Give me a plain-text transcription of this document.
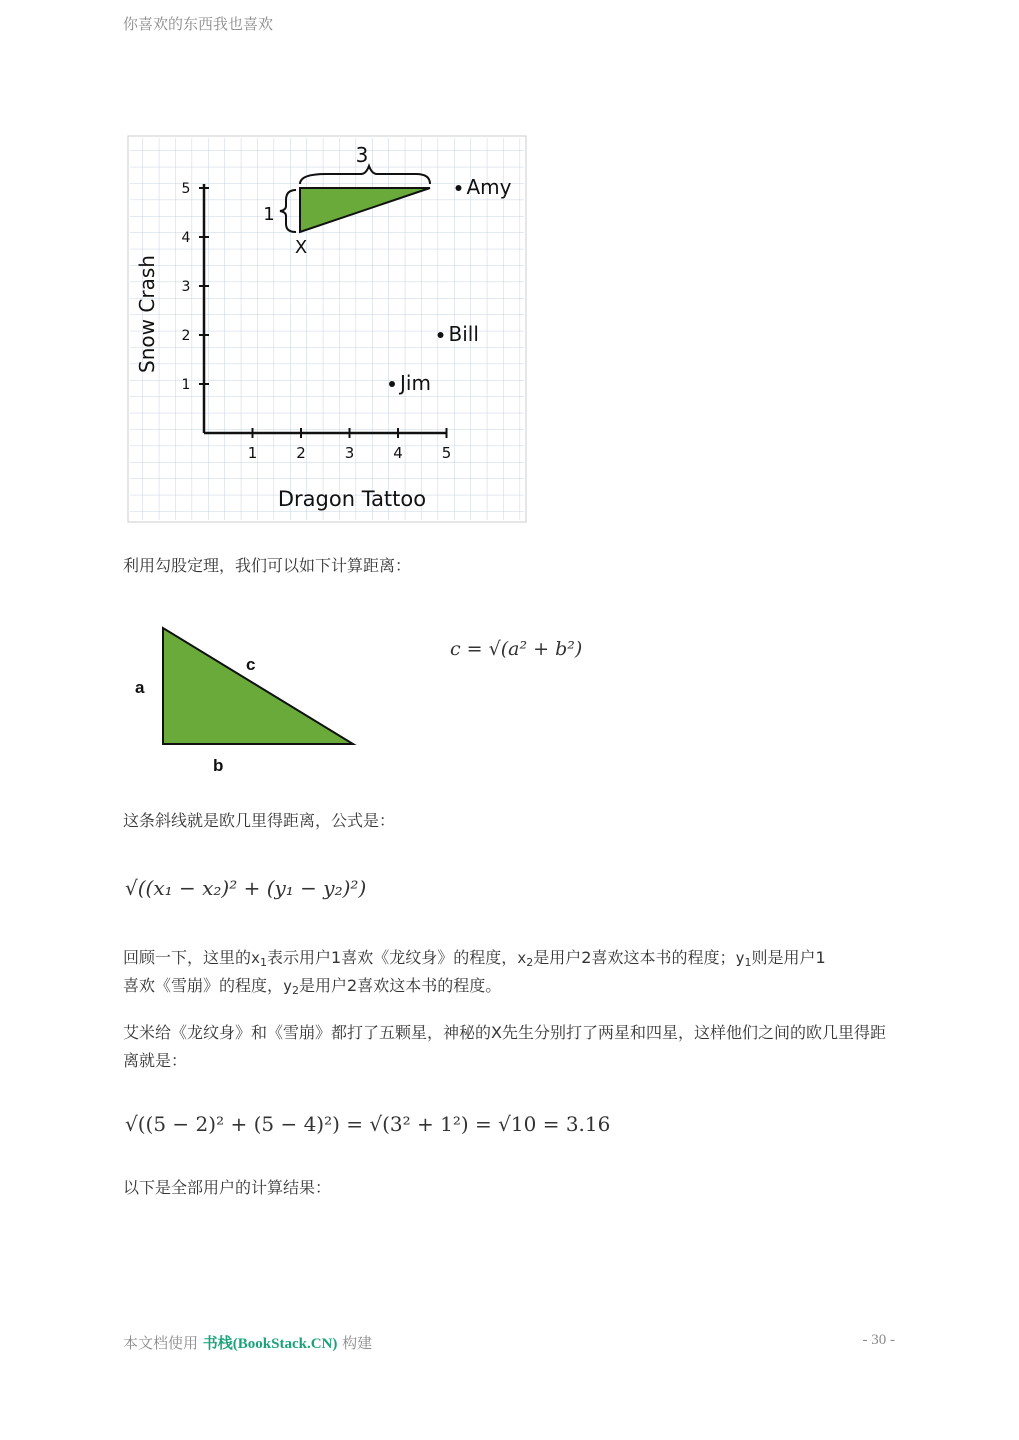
你喜欢的东西我也喜欢
1	2	3	4	5
1
2
3
4
5
3
1
Snow Crash
Dragon Tattoo
Amy
Bill
Jim
X
利用勾股定理，我们可以如下计算距离：
a
c
b
c = √(a² + b²)
这条斜线就是欧几里得距离，公式是：
√((x₁ − x₂)² + (y₁ − y₂)²)
回顾一下，这里的$x_1$表示用户1喜欢《龙纹身》的程度，$x_2$是用户2喜欢这本书的程度；$y_1$则是用户1
喜欢《雪崩》的程度，$y_2$是用户2喜欢这本书的程度。
艾米给《龙纹身》和《雪崩》都打了五颗星，神秘的X先生分别打了两星和四星，这样他们之间的欧几里得距离就是：
√((5 − 2)² + (5 − 4)²) = √(3² + 1²) = √10 = 3.16
以下是全部用户的计算结果：
本文档使用 书栈(BookStack.CN) 构建	- 30 -
